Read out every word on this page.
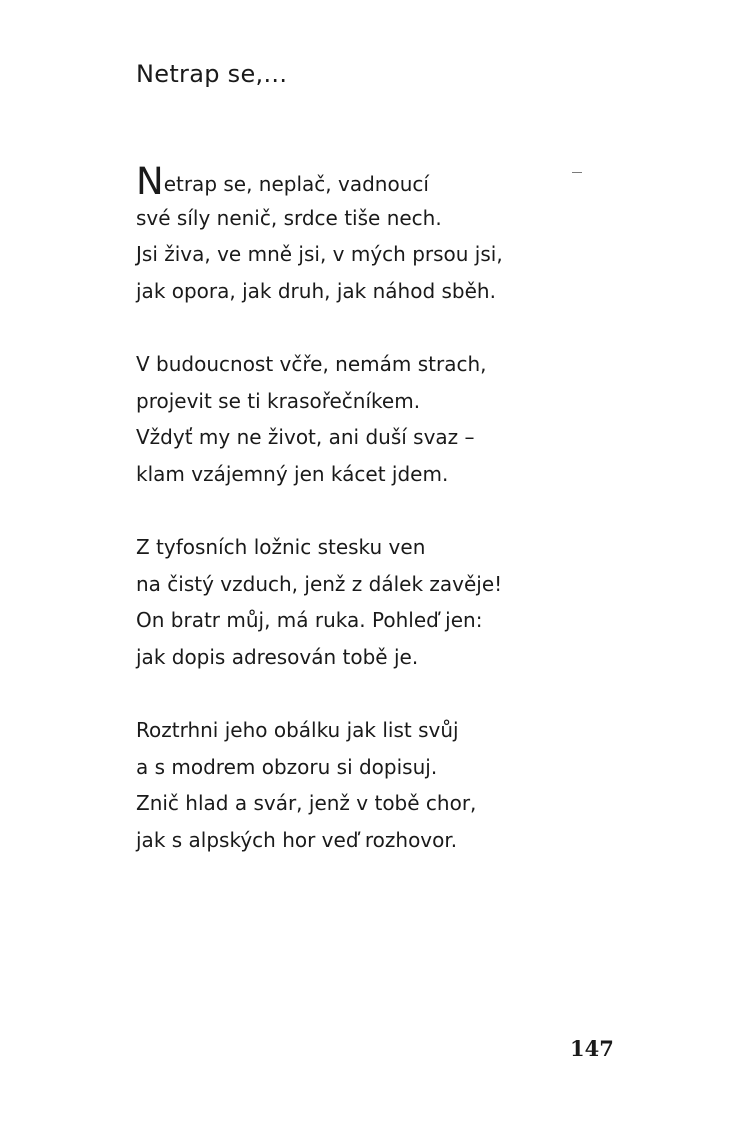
Netrap se,...
Netrap se, neplač, vadnoucí
své síly nenič, srdce tiše nech.
Jsi živa, ve mně jsi, v mých prsou jsi,
jak opora, jak druh, jak náhod sběh.
V budoucnost včře, nemám strach,
projevit se ti krasořečníkem.
Vždyť my ne život, ani duší svaz –
klam vzájemný jen kácet jdem.
Z tyfosních ložnic stesku ven
na čistý vzduch, jenž z dálek zavěje!
On bratr můj, má ruka. Pohleď jen:
jak dopis adresován tobě je.
Roztrhni jeho obálku jak list svůj
a s modrem obzoru si dopisuj.
Znič hlad a svár, jenž v tobě chor,
jak s alpských hor veď rozhovor.
147
